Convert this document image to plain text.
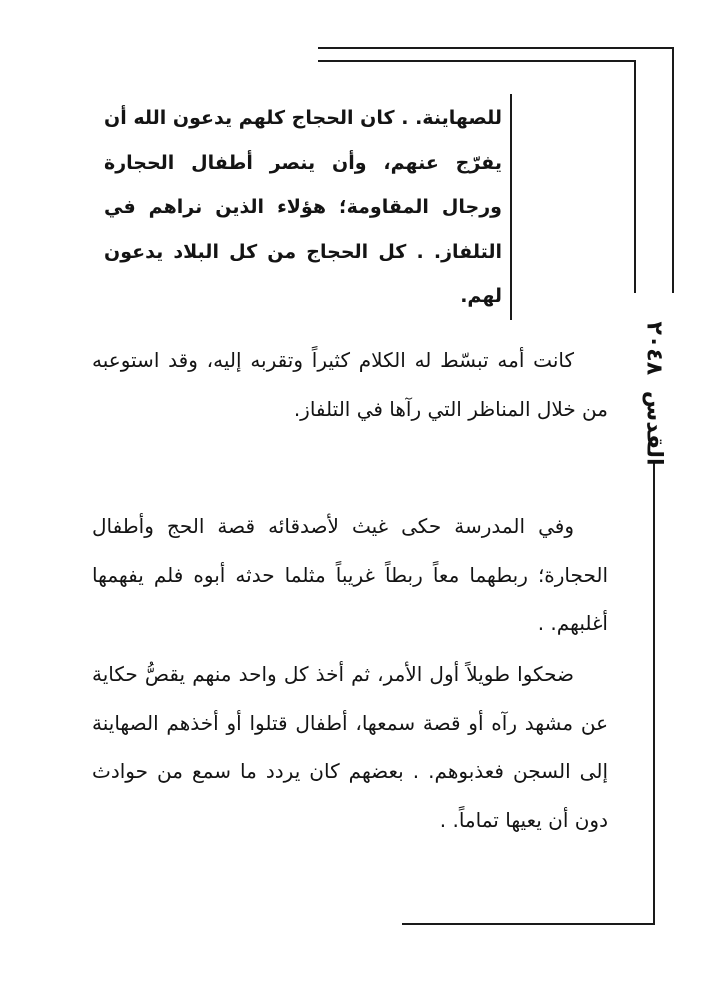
للصهاينة. . كان الحجاج كلهم يدعون الله أن يفرّج عنهم، وأن ينصر أطفال الحجارة ورجال المقاومة؛ هؤلاء الذين نراهم في التلفاز. . كل الحجاج من كل البلاد يدعون لهم.

كانت أمه تبسّط له الكلام كثيراً وتقربه إليه، وقد استوعبه من خلال المناظر التي رآها في التلفاز.

وفي المدرسة حكى غيث لأصدقائه قصة الحج وأطفال الحجارة؛ ربطهما معاً ربطاً غريباً مثلما حدثه أبوه فلم يفهمها أغلبهم. .

ضحكوا طويلاً أول الأمر، ثم أخذ كل واحد منهم يقصُّ حكاية عن مشهد رآه أو قصة سمعها، أطفال قتلوا أو أخذهم الصهاينة إلى السجن فعذبوهم. . بعضهم كان يردد ما سمع من حوادث دون أن يعيها تماماً. .

القدس ٢٠٤٨
